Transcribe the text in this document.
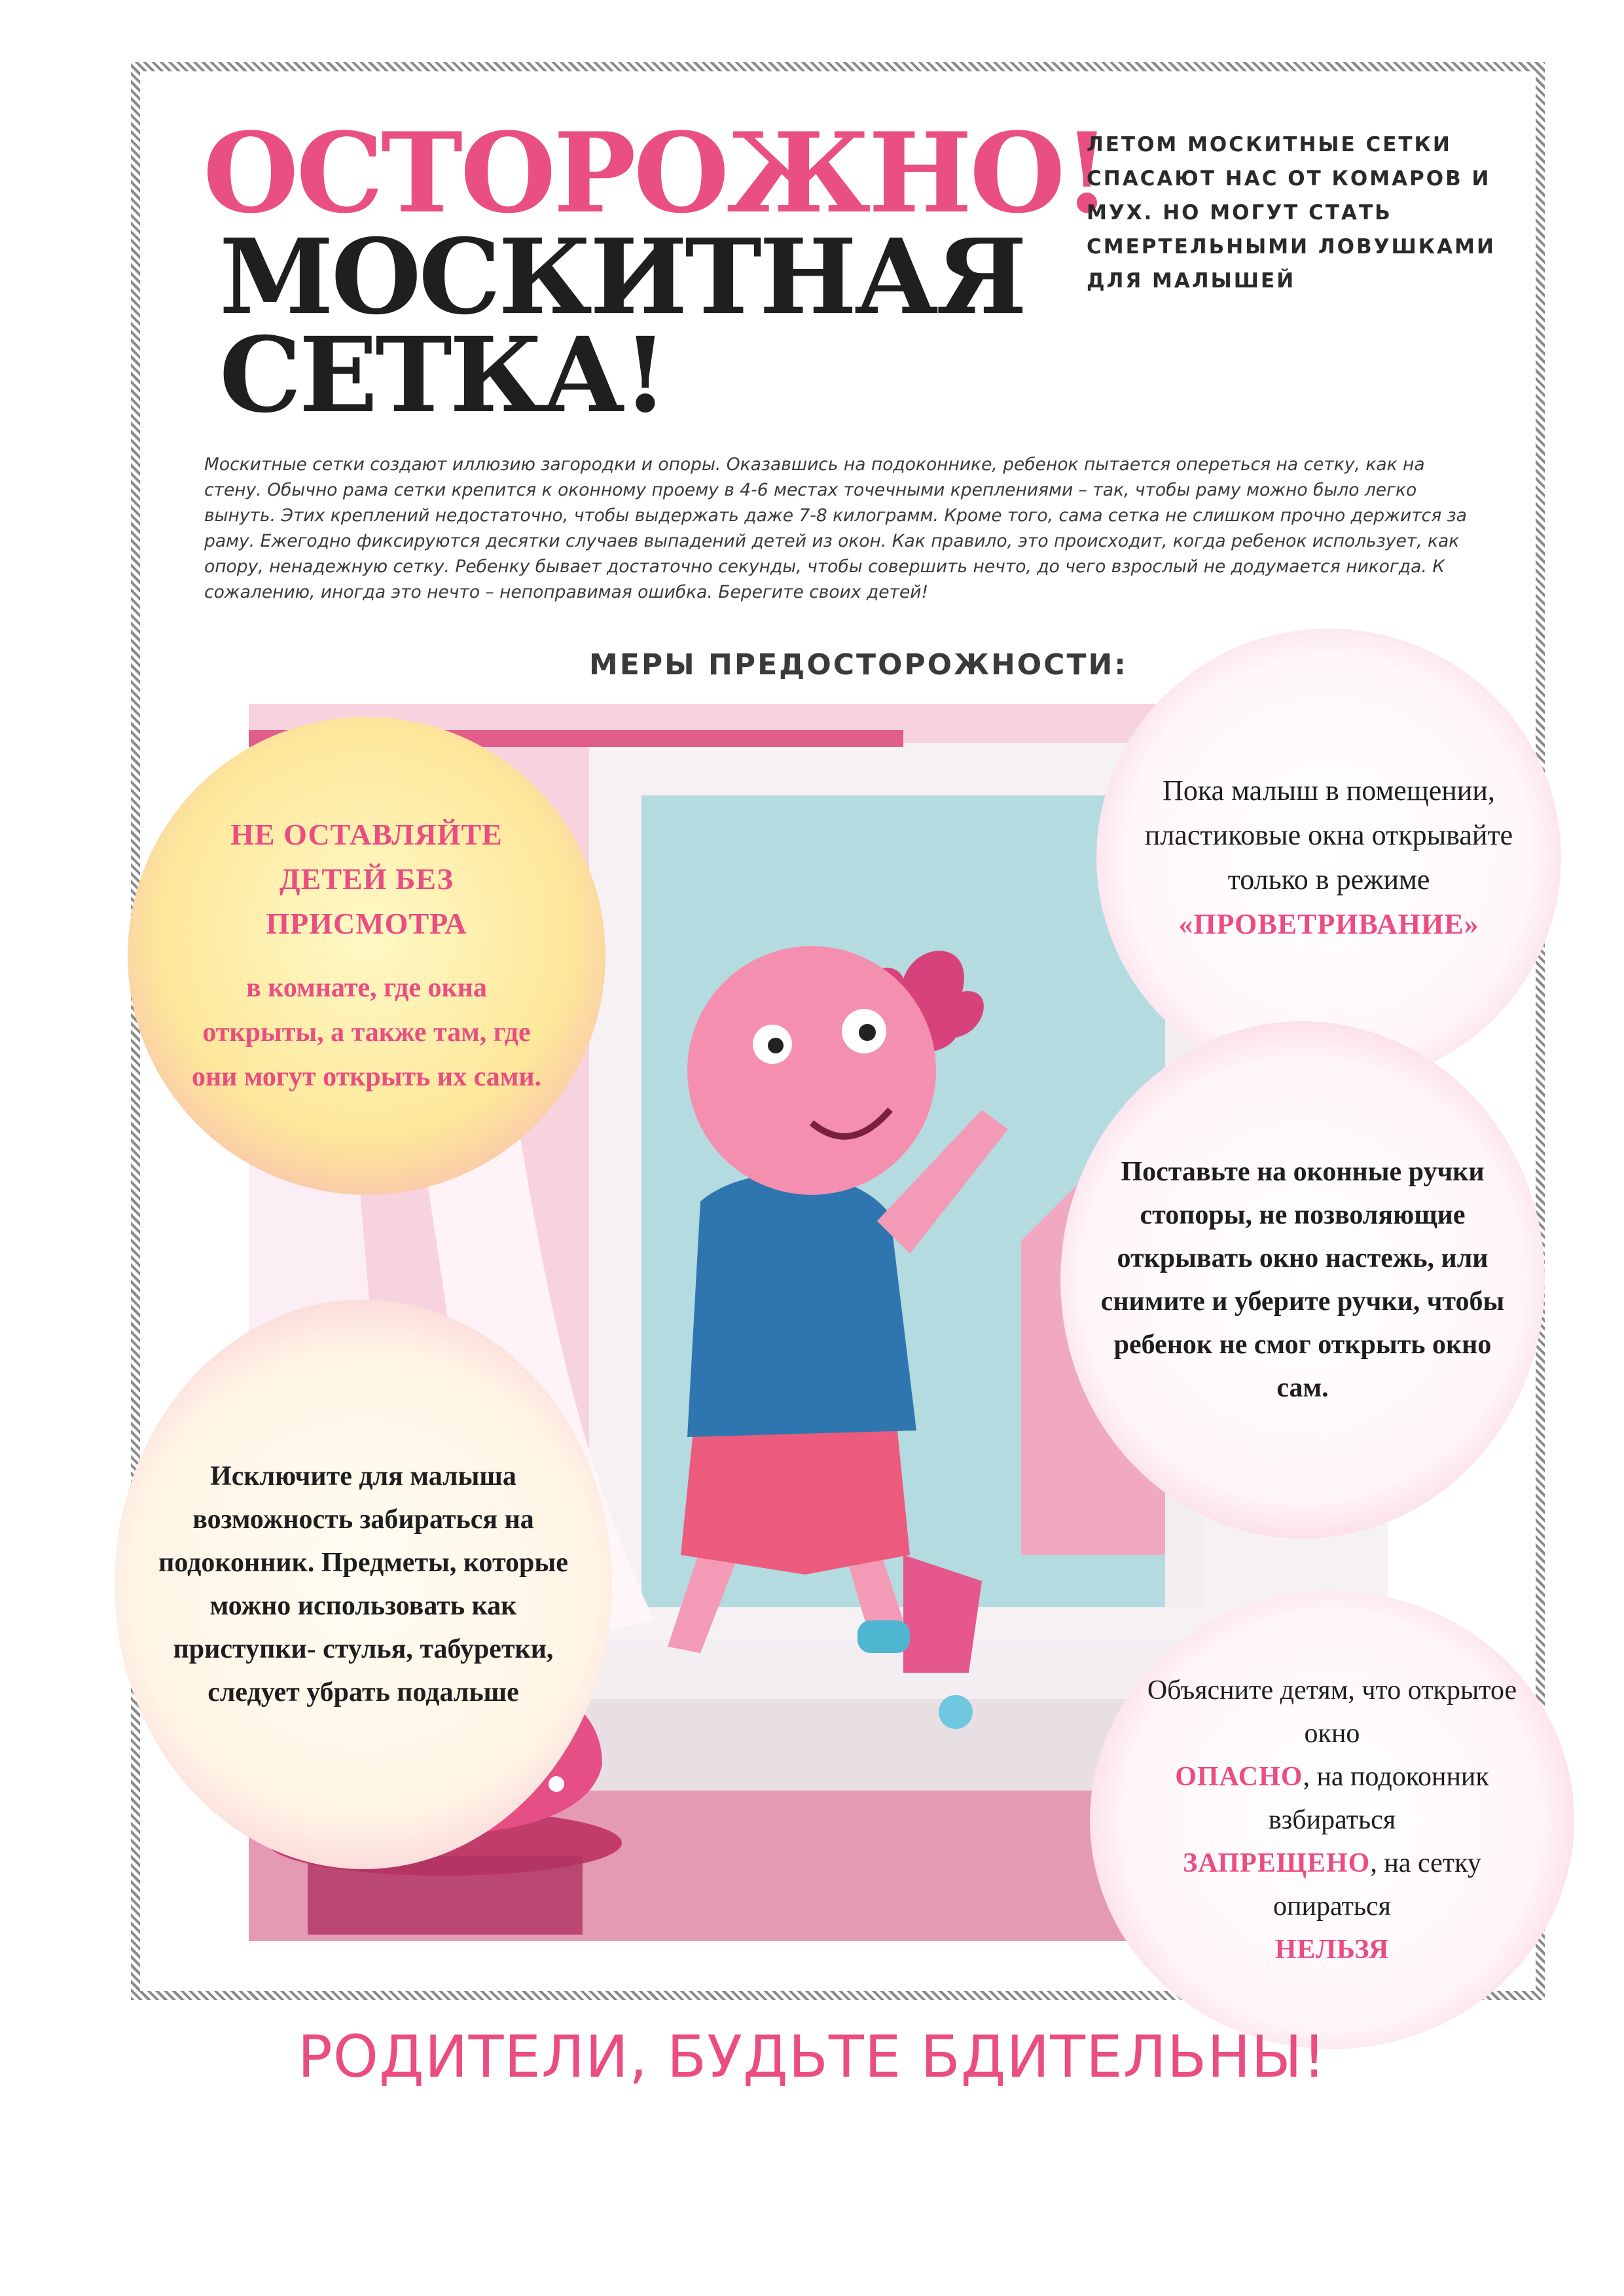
ОСТОРОЖНО!
МОСКИТНАЯ
СЕТКА!

ЛЕТОМ МОСКИТНЫЕ СЕТКИ СПАСАЮТ НАС ОТ КОМАРОВ И МУХ. НО МОГУТ СТАТЬ СМЕРТЕЛЬНЫМИ ЛОВУШКАМИ ДЛЯ МАЛЫШЕЙ

Москитные сетки создают иллюзию загородки и опоры. Оказавшись на подоконнике, ребенок пытается опереться на сетку, как на стену. Обычно рама сетки крепится к оконному проему в 4-6 местах точечными креплениями – так, чтобы раму можно было легко вынуть. Этих креплений недостаточно, чтобы выдержать даже 7-8 килограмм. Кроме того, сама сетка не слишком прочно держится за раму. Ежегодно фиксируются десятки случаев выпадений детей из окон. Как правило, это происходит, когда ребенок использует, как опору, ненадежную сетку. Ребенку бывает достаточно секунды, чтобы совершить нечто, до чего взрослый не додумается никогда. К сожалению, иногда это нечто – непоправимая ошибка. Берегите своих детей!

МЕРЫ ПРЕДОСТОРОЖНОСТИ:

НЕ ОСТАВЛЯЙТЕ ДЕТЕЙ БЕЗ ПРИСМОТРА

в комнате, где окна открыты, а также там, где они могут открыть их сами.

Пока малыш в помещении, пластиковые окна открывайте только в режиме

«ПРОВЕТРИВАНИЕ»

Поставьте на оконные ручки стопоры, не позволяющие открывать окно настежь, или снимите и уберите ручки, чтобы ребенок не смог открыть окно сам.

Исключите для малыша возможность забираться на подоконник. Предметы, которые можно использовать как приступки- стулья, табуретки, следует убрать подальше	Объясните детям, что открытое окно
ОПАСНО, на подоконник взбираться
ЗАПРЕЩЕНО, на сетку опираться
НЕЛЬЗЯ

РОДИТЕЛИ, БУДЬТЕ БДИТЕЛЬНЫ!
